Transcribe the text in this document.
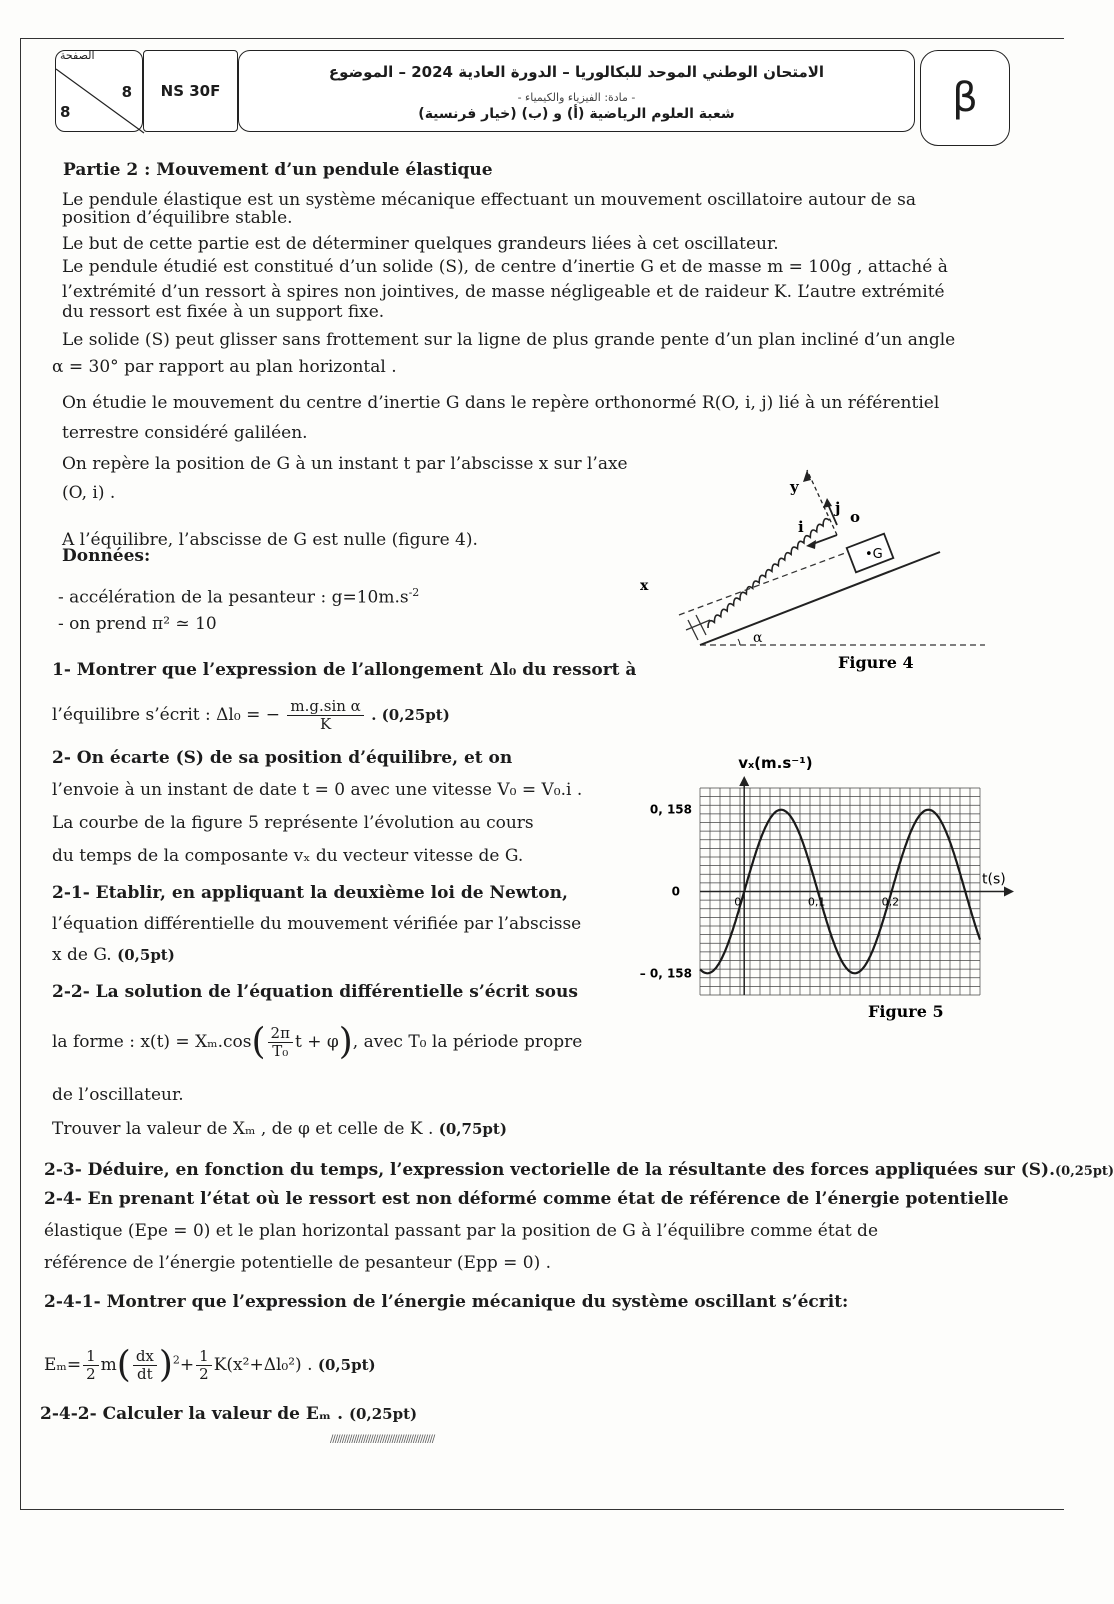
الصفحة
8
8
NS 30F
الامتحان الوطني الموحد للبكالوريا – الدورة العادية 2024 – الموضوع
- مادة: الفيزياء والكيمياء -
شعبة العلوم الرياضية (أ) و (ب) (خيار فرنسية)	β
Partie 2 : Mouvement d’un pendule élastique
Le pendule élastique est un système mécanique effectuant un mouvement oscillatoire autour de sa
position d’équilibre stable.
Le but de cette partie est de déterminer quelques grandeurs liées à cet oscillateur.
Le pendule étudié est constitué d’un solide (S), de centre d’inertie G et de masse m = 100g , attaché à
l’extrémité d’un ressort à spires non jointives, de masse négligeable et de raideur K. L’autre extrémité
du ressort est fixée à un support fixe.
Le solide (S) peut glisser sans frottement sur la ligne de plus grande pente d’un plan incliné d’un angle
α = 30° par rapport au plan horizontal .
On étudie le mouvement du centre d’inertie G dans le repère orthonormé R(O, i, j) lié à un référentiel
terrestre considéré galiléen.
On repère la position de G à un instant t par l’abscisse x sur l’axe
(O, i) .
A l’équilibre, l’abscisse de G est nulle (figure 4).
Données:
- accélération de la pesanteur : $g=10m.s^{-2}$
- on prend π² ≃ 10
1- Montrer que l’expression de l’allongement Δl₀ du ressort à
l’équilibre s’écrit : Δl₀ = − $\frac{\text{m.g.sin α}}{K}$ . (0,25pt)
2- On écarte (S) de sa position d’équilibre, et on
l’envoie à un instant de date t = 0 avec une vitesse V₀ = V₀.i .
La courbe de la figure 5 représente l’évolution au cours
du temps de la composante vₓ du vecteur vitesse de G.
2-1- Etablir, en appliquant la deuxième loi de Newton,
l’équation différentielle du mouvement vérifiée par l’abscisse
x de G. (0,5pt)
2-2- La solution de l’équation différentielle s’écrit sous
la forme : $x(t) = X_m.\cos( \frac{2\pi}{\text{T₀}}$ t + φ), avec T₀ la période propre
de l’oscillateur.
Trouver la valeur de Xₘ , de φ et celle de K . (0,75pt)
2-3- Déduire, en fonction du temps, l’expression vectorielle de la résultante des forces appliquées sur (S).(0,25pt)
2-4- En prenant l’état où le ressort est non déformé comme état de référence de l’énergie potentielle
élastique (Epe = 0) et le plan horizontal passant par la position de G à l’équilibre comme état de
référence de l’énergie potentielle de pesanteur (Epp = 0) .
2-4-1- Montrer que l’expression de l’énergie mécanique du système oscillant s’écrit:
$E_m= \frac{1}{2} m( \frac{dx}{dt} )^2+ \frac{1}{2} K(x^2+\Delta l_0^2)$ . (0,5pt)
2-4-2- Calculer la valeur de Eₘ . (0,25pt)
////////////////////////////////////////////
y
j
i
o
•G
x
α
Figure 4
vₓ(m.s⁻¹)
t(s)
0, 158
0
– 0, 158
0	0,1	0,2
Figure 5
